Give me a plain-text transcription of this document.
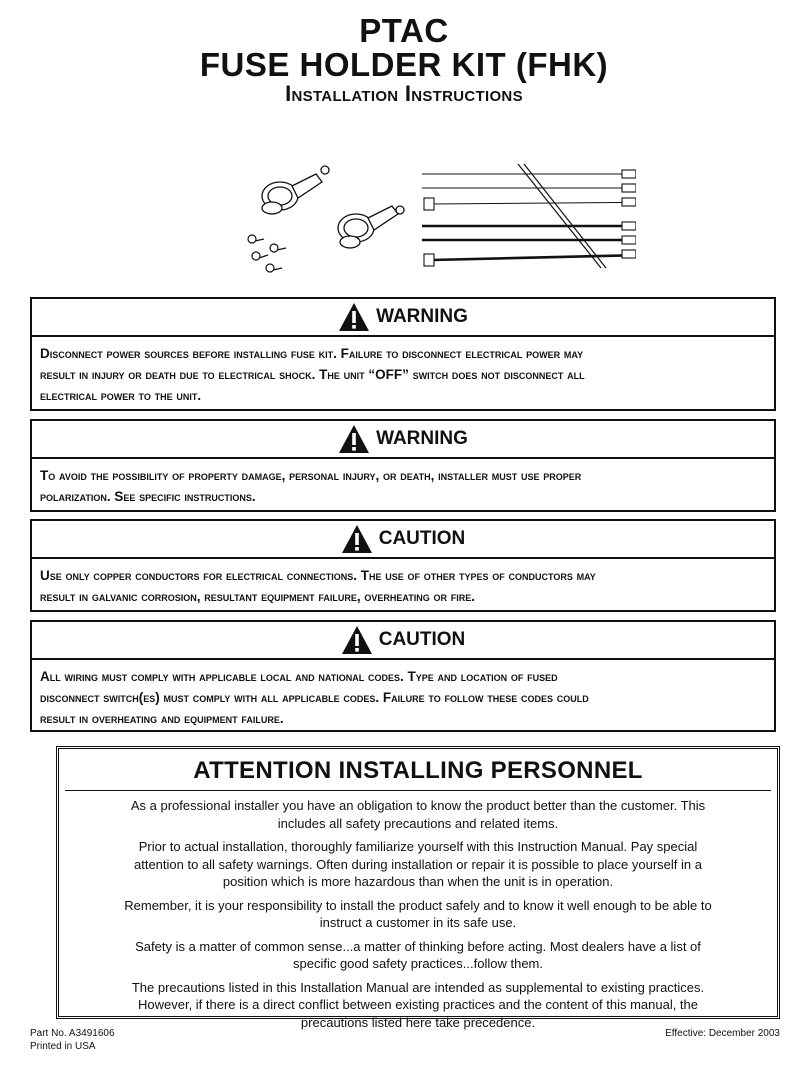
PTAC
FUSE HOLDER KIT (FHK)
Installation Instructions
WARNING
Disconnect power sources before installing fuse kit. Failure to disconnect electrical power may
result in injury or death due to electrical shock. The unit “OFF” switch does not disconnect all
electrical power to the unit.
WARNING
To avoid the possibility of property damage, personal injury, or death, installer must use proper
polarization. See specific instructions.
CAUTION
Use only copper conductors for electrical connections. The use of other types of conductors may
result in galvanic corrosion, resultant equipment failure, overheating or fire.
CAUTION
All wiring must comply with applicable local and national codes. Type and location of fused
disconnect switch(es) must comply with all applicable codes. Failure to follow these codes could
result in overheating and equipment failure.
ATTENTION INSTALLING PERSONNEL
As a professional installer you have an obligation to know the product better than the customer. This
includes all safety precautions and related items.
Prior to actual installation, thoroughly familiarize yourself with this Instruction Manual. Pay special
attention to all safety warnings. Often during installation or repair it is possible to place yourself in a
position which is more hazardous than when the unit is in operation.
Remember, it is your responsibility to install the product safely and to know it well enough to be able to
instruct a customer in its safe use.
Safety is a matter of common sense...a matter of thinking before acting. Most dealers have a list of
specific good safety practices...follow them.
The precautions listed in this Installation Manual are intended as supplemental to existing practices.
However, if there is a direct conflict between existing practices and the content of this manual, the
precautions listed here take precedence.
Part No. A3491606
Printed in USA
Effective: December 2003
